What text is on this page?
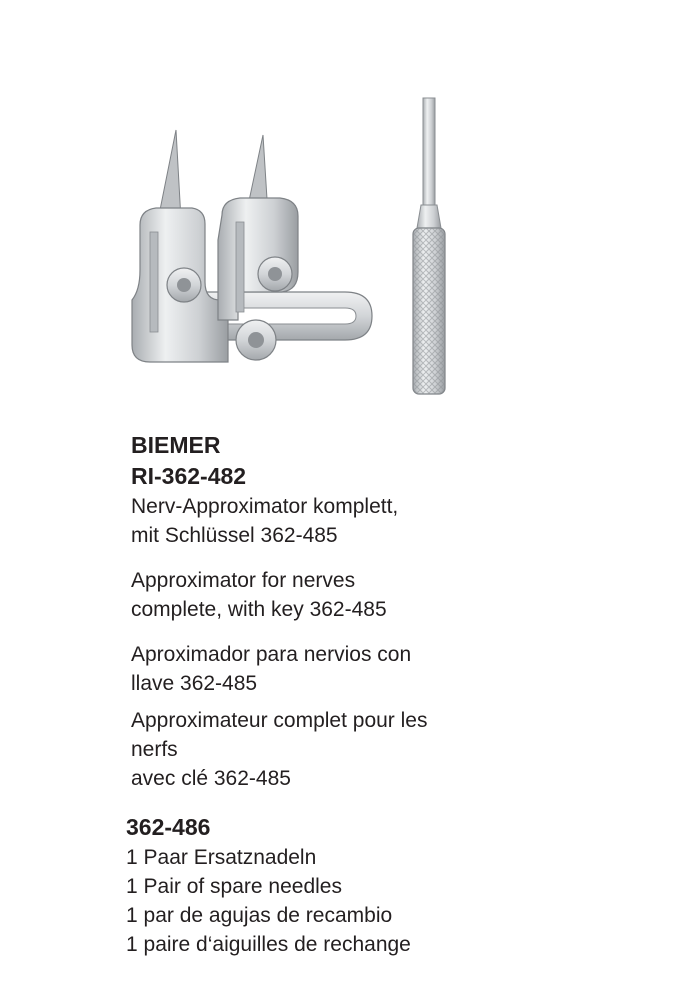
BIEMER
RI-362-482

Nerv-Approximator komplett,

mit Schlüssel 362-485

Approximator for nerves

complete, with key 362-485

Aproximador para nervios con

llave 362-485

Approximateur complet pour les

nerfs

avec clé 362-485

362-486

1 Paar Ersatznadeln

1 Pair of spare needles

1 par de agujas de recambio

1 paire d‘aiguilles de rechange
